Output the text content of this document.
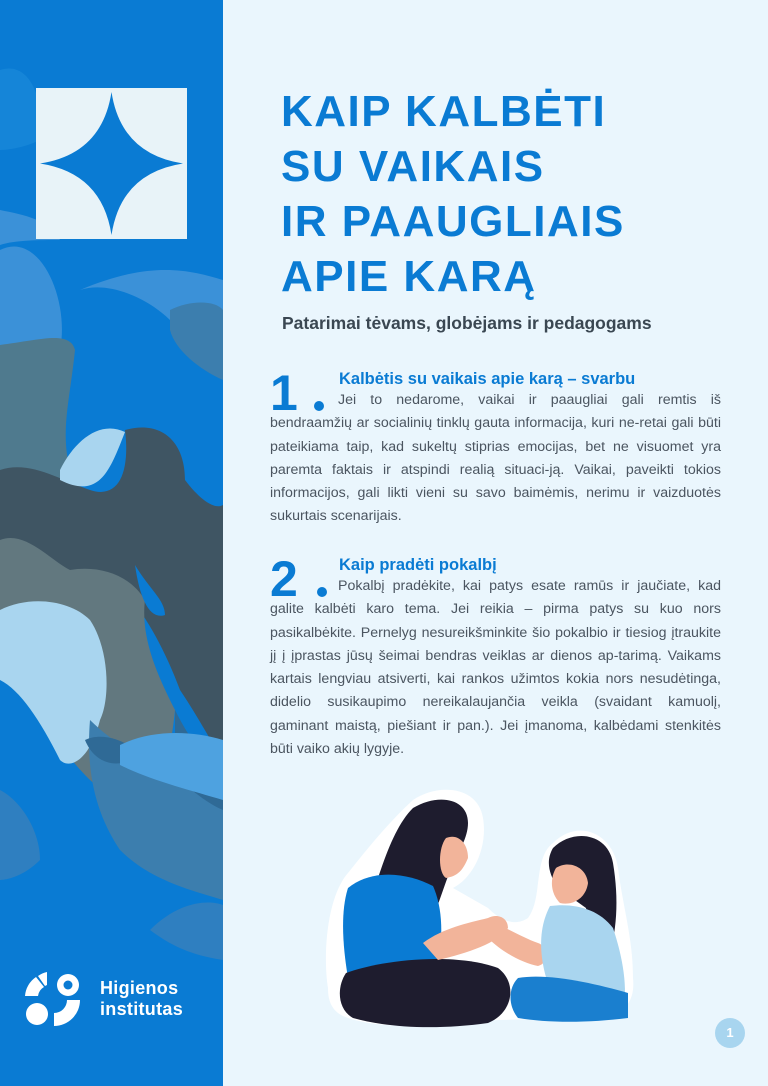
Higienos
institutas
KAIP KALBĖTI
SU VAIKAIS
IR PAAUGLIAIS
APIE KARĄ
Patarimai tėvams, globėjams ir pedagogams
1 Kalbėtis su vaikais apie karą – svarbu
Jei to nedarome, vaikai ir paaugliai gali remtis iš bendraamžių ar socialinių tinklų gauta informacija, kuri ne-retai gali būti pateikiama taip, kad sukeltų stiprias emocijas, bet ne visuomet yra paremta faktais ir atspindi realią situaci-ją. Vaikai, paveikti tokios informacijos, gali likti vieni su savo baimėmis, nerimu ir vaizduotės sukurtais scenarijais.
2 Kaip pradėti pokalbį
Pokalbį pradėkite, kai patys esate ramūs ir jaučiate, kad galite kalbėti karo tema. Jei reikia – pirma patys su kuo nors pasikalbėkite. Pernelyg nesureikšminkite šio pokalbio ir tiesiog įtraukite jį į įprastas jūsų šeimai bendras veiklas ar dienos ap-tarimą. Vaikams kartais lengviau atsiverti, kai rankos užimtos kokia nors nesudėtinga, didelio susikaupimo nereikalaujančia veikla (svaidant kamuolį, gaminant maistą, piešiant ir pan.). Jei įmanoma, kalbėdami stenkitės būti vaiko akių lygyje.
1
